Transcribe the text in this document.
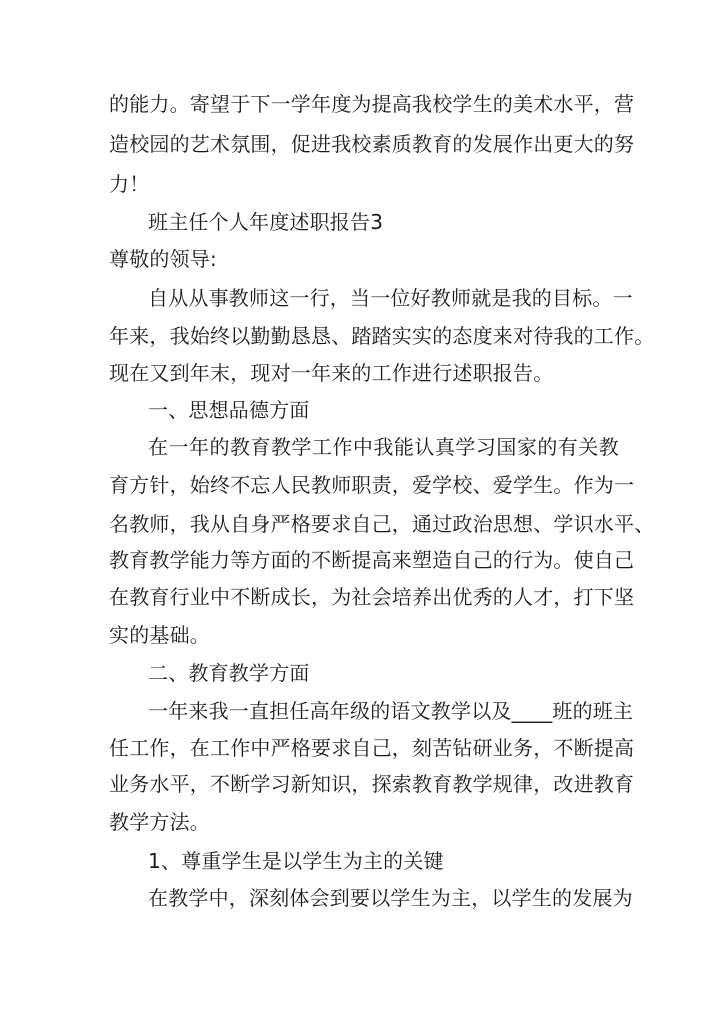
的能力。寄望于下一学年度为提高我校学生的美术水平，营
造校园的艺术氛围，促进我校素质教育的发展作出更大的努
力！
班主任个人年度述职报告3
尊敬的领导:
自从从事教师这一行，当一位好教师就是我的目标。一
年来，我始终以勤勤恳恳、踏踏实实的态度来对待我的工作。
现在又到年末，现对一年来的工作进行述职报告。
一、思想品德方面
在一年的教育教学工作中我能认真学习国家的有关教
育方针，始终不忘人民教师职责，爱学校、爱学生。作为一
名教师，我从自身严格要求自己，通过政治思想、学识水平、
教育教学能力等方面的不断提高来塑造自己的行为。使自己
在教育行业中不断成长，为社会培养出优秀的人才，打下坚
实的基础。
二、教育教学方面
一年来我一直担任高年级的语文教学以及____班的班主
任工作，在工作中严格要求自己，刻苦钻研业务，不断提高
业务水平，不断学习新知识，探索教育教学规律，改进教育
教学方法。
1、尊重学生是以学生为主的关键
在教学中，深刻体会到要以学生为主，以学生的发展为
